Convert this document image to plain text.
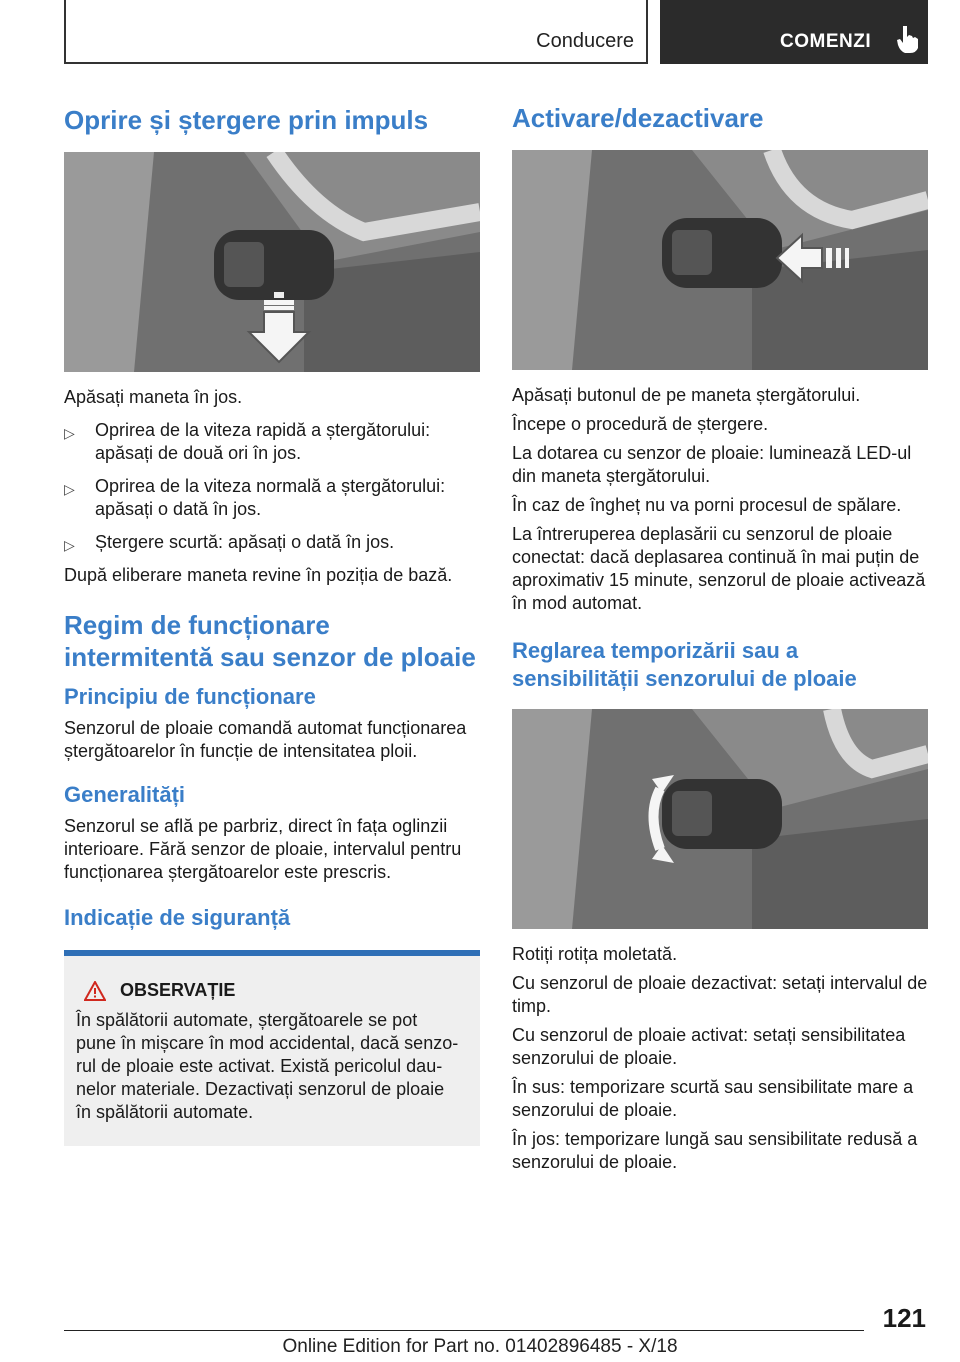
Conducere	COMENZI
Oprire și ștergere prin impuls

Apăsați maneta în jos.

▷ Oprirea de la viteza rapidă a ștergătorului: apăsați de două ori în jos.
▷ Oprirea de la viteza normală a ștergătorului: apăsați o dată în jos.
▷ Ștergere scurtă: apăsați o dată în jos.

După eliberare maneta revine în poziția de bază.

Regim de funcționare intermitentă sau senzor de ploaie
Principiu de funcționare

Senzorul de ploaie comandă automat funcționarea ștergătoarelor în funcție de intensitatea ploii.

Generalități

Senzorul se află pe parbriz, direct în fața oglinzii interioare. Fără senzor de ploaie, intervalul pentru funcționarea ștergătoarelor este prescris.

Indicație de siguranță
OBSERVAȚIE

În spălătorii automate, ștergătoarele se pot pune în mișcare în mod accidental, dacă senzorul de ploaie este activat. Există pericolul daunelor materiale. Dezactivați senzorul de ploaie în spălătorii automate.

Activare/dezactivare

Apăsați butonul de pe maneta ștergătorului.

Începe o procedură de ștergere.

La dotarea cu senzor de ploaie: luminează LED-ul din maneta ștergătorului.

În caz de îngheț nu va porni procesul de spălare.

La întreruperea deplasării cu senzorul de ploaie conectat: dacă deplasarea continuă în mai puțin de aproximativ 15 minute, senzorul de ploaie activează în mod automat.

Reglarea temporizării sau a sensibilității senzorului de ploaie

Rotiți rotița moletată.

Cu senzorul de ploaie dezactivat: setați intervalul de timp.

Cu senzorul de ploaie activat: setați sensibilitatea senzorului de ploaie.

În sus: temporizare scurtă sau sensibilitate mare a senzorului de ploaie.

În jos: temporizare lungă sau sensibilitate redusă a senzorului de ploaie.

121
Online Edition for Part no. 01402896485 - X/18
